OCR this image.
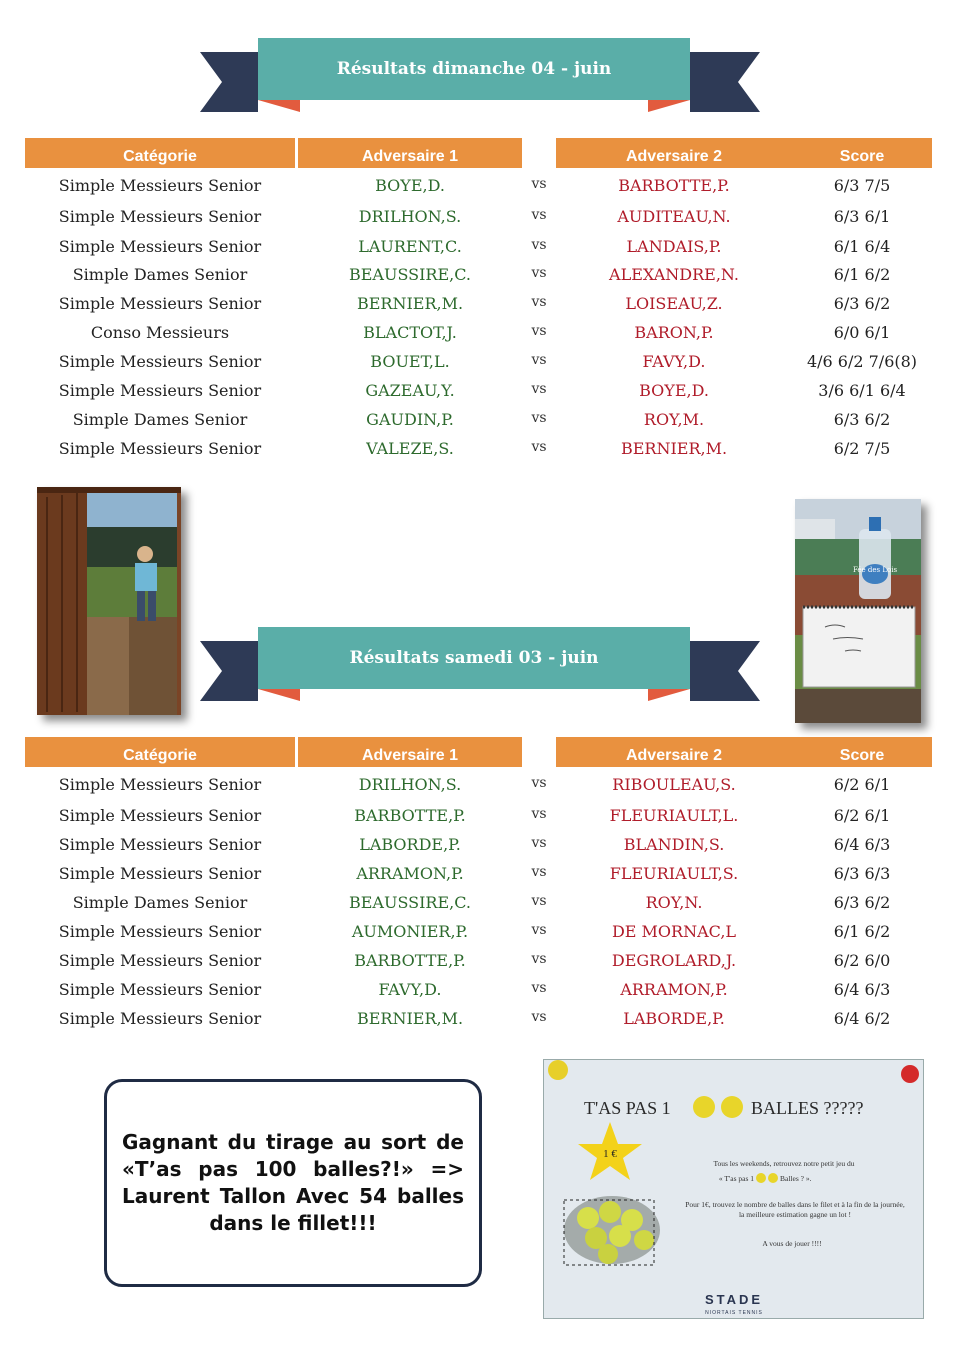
Résultats dimanche 04 - juin
Catégorie	Adversaire 1	Adversaire 2	Score
Simple Messieurs Senior	BOYE,D.	vs	BARBOTTE,P.	6/3 7/5
Simple Messieurs Senior	DRILHON,S.	vs	AUDITEAU,N.	6/3 6/1
Simple Messieurs Senior	LAURENT,C.	vs	LANDAIS,P.	6/1 6/4
Simple Dames Senior	BEAUSSIRE,C.	vs	ALEXANDRE,N.	6/1 6/2
Simple Messieurs Senior	BERNIER,M.	vs	LOISEAU,Z.	6/3 6/2
Conso Messieurs	BLACTOT,J.	vs	BARON,P.	6/0 6/1
Simple Messieurs Senior	BOUET,L.	vs	FAVY,D.	4/6 6/2 7/6(8)
Simple Messieurs Senior	GAZEAU,Y.	vs	BOYE,D.	3/6 6/1 6/4
Simple Dames Senior	GAUDIN,P.	vs	ROY,M.	6/3 6/2
Simple Messieurs Senior	VALEZE,S.	vs	BERNIER,M.	6/2 7/5
Fée des Lois
Résultats samedi 03 - juin
Catégorie	Adversaire 1	Adversaire 2	Score
Simple Messieurs Senior	DRILHON,S.	vs	RIBOULEAU,S.	6/2 6/1
Simple Messieurs Senior	BARBOTTE,P.	vs	FLEURIAULT,L.	6/2 6/1
Simple Messieurs Senior	LABORDE,P.	vs	BLANDIN,S.	6/4 6/3
Simple Messieurs Senior	ARRAMON,P.	vs	FLEURIAULT,S.	6/3 6/3
Simple Dames Senior	BEAUSSIRE,C.	vs	ROY,N.	6/3 6/2
Simple Messieurs Senior	AUMONIER,P.	vs	DE MORNAC,L	6/1 6/2
Simple Messieurs Senior	BARBOTTE,P.	vs	DEGROLARD,J.	6/2 6/0
Simple Messieurs Senior	FAVY,D.	vs	ARRAMON,P.	6/4 6/3
Simple Messieurs Senior	BERNIER,M.	vs	LABORDE,P.	6/4 6/2
Gagnant du tirage au sort de «T’as pas 100 balles?!» => Laurent Tallon Avec 54 balles dans le fillet!!!
T'AS PAS 1	BALLES ?????
1 €
Tous les weekends, retrouvez notre petit jeu du
« T'as pas 1	Balles ? ».
Pour 1€, trouvez le nombre de balles dans le filet et à la fin de la journée, la meilleure estimation gagne un lot !
A vous de jouer !!!!
STADE
NIORTAIS TENNIS
